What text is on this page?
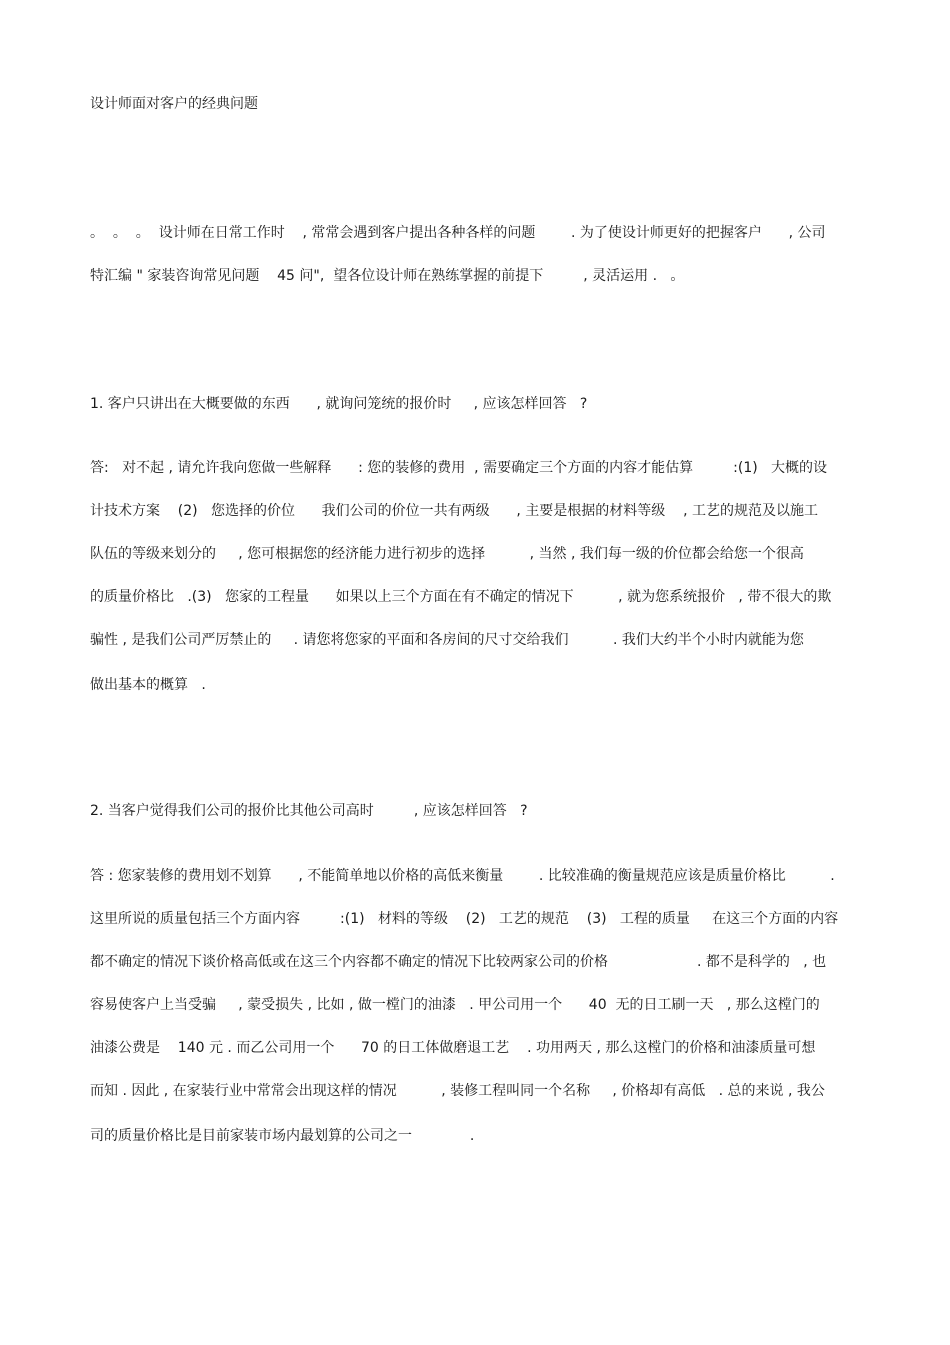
设计师面对客户的经典问题
。  。  。  设计师在日常工作时    , 常常会遇到客户提出各种各样的问题        . 为了使设计师更好的把握客户      , 公司
特汇编 " 家装咨询常见问题    45 问",  望各位设计师在熟练掌握的前提下         , 灵活运用 .   。
1. 客户只讲出在大概要做的东西      , 就询问笼统的报价时     , 应该怎样回答   ?
答:   对不起 , 请允许我向您做一些解释      : 您的装修的费用  , 需要确定三个方面的内容才能估算         :(1)   大概的设
计技术方案    (2)   您选择的价位      我们公司的价位一共有两级      , 主要是根据的材料等级    , 工艺的规范及以施工
队伍的等级来划分的     , 您可根据您的经济能力进行初步的选择          , 当然 , 我们每一级的价位都会给您一个很高
的质量价格比   .(3)   您家的工程量      如果以上三个方面在有不确定的情况下          , 就为您系统报价   , 带不很大的欺
骗性 , 是我们公司严厉禁止的     . 请您将您家的平面和各房间的尺寸交给我们          . 我们大约半个小时内就能为您
做出基本的概算   .
2. 当客户觉得我们公司的报价比其他公司高时         , 应该怎样回答   ?
答 : 您家装修的费用划不划算      , 不能简单地以价格的高低来衡量        . 比较准确的衡量规范应该是质量价格比          .
这里所说的质量包括三个方面内容         :(1)   材料的等级    (2)   工艺的规范    (3)   工程的质量     在这三个方面的内容
都不确定的情况下谈价格高低或在这三个内容都不确定的情况下比较两家公司的价格                    . 都不是科学的   , 也
容易使客户上当受骗     , 蒙受损失 , 比如 , 做一樘门的油漆   . 甲公司用一个      40  无的日工刷一天   , 那么这樘门的
油漆公费是    140 元 . 而乙公司用一个      70 的日工体做磨退工艺    . 功用两天 , 那么这樘门的价格和油漆质量可想
而知 . 因此 , 在家装行业中常常会出现这样的情况          , 装修工程叫同一个名称     , 价格却有高低   . 总的来说 , 我公
司的质量价格比是目前家装市场内最划算的公司之一             .
